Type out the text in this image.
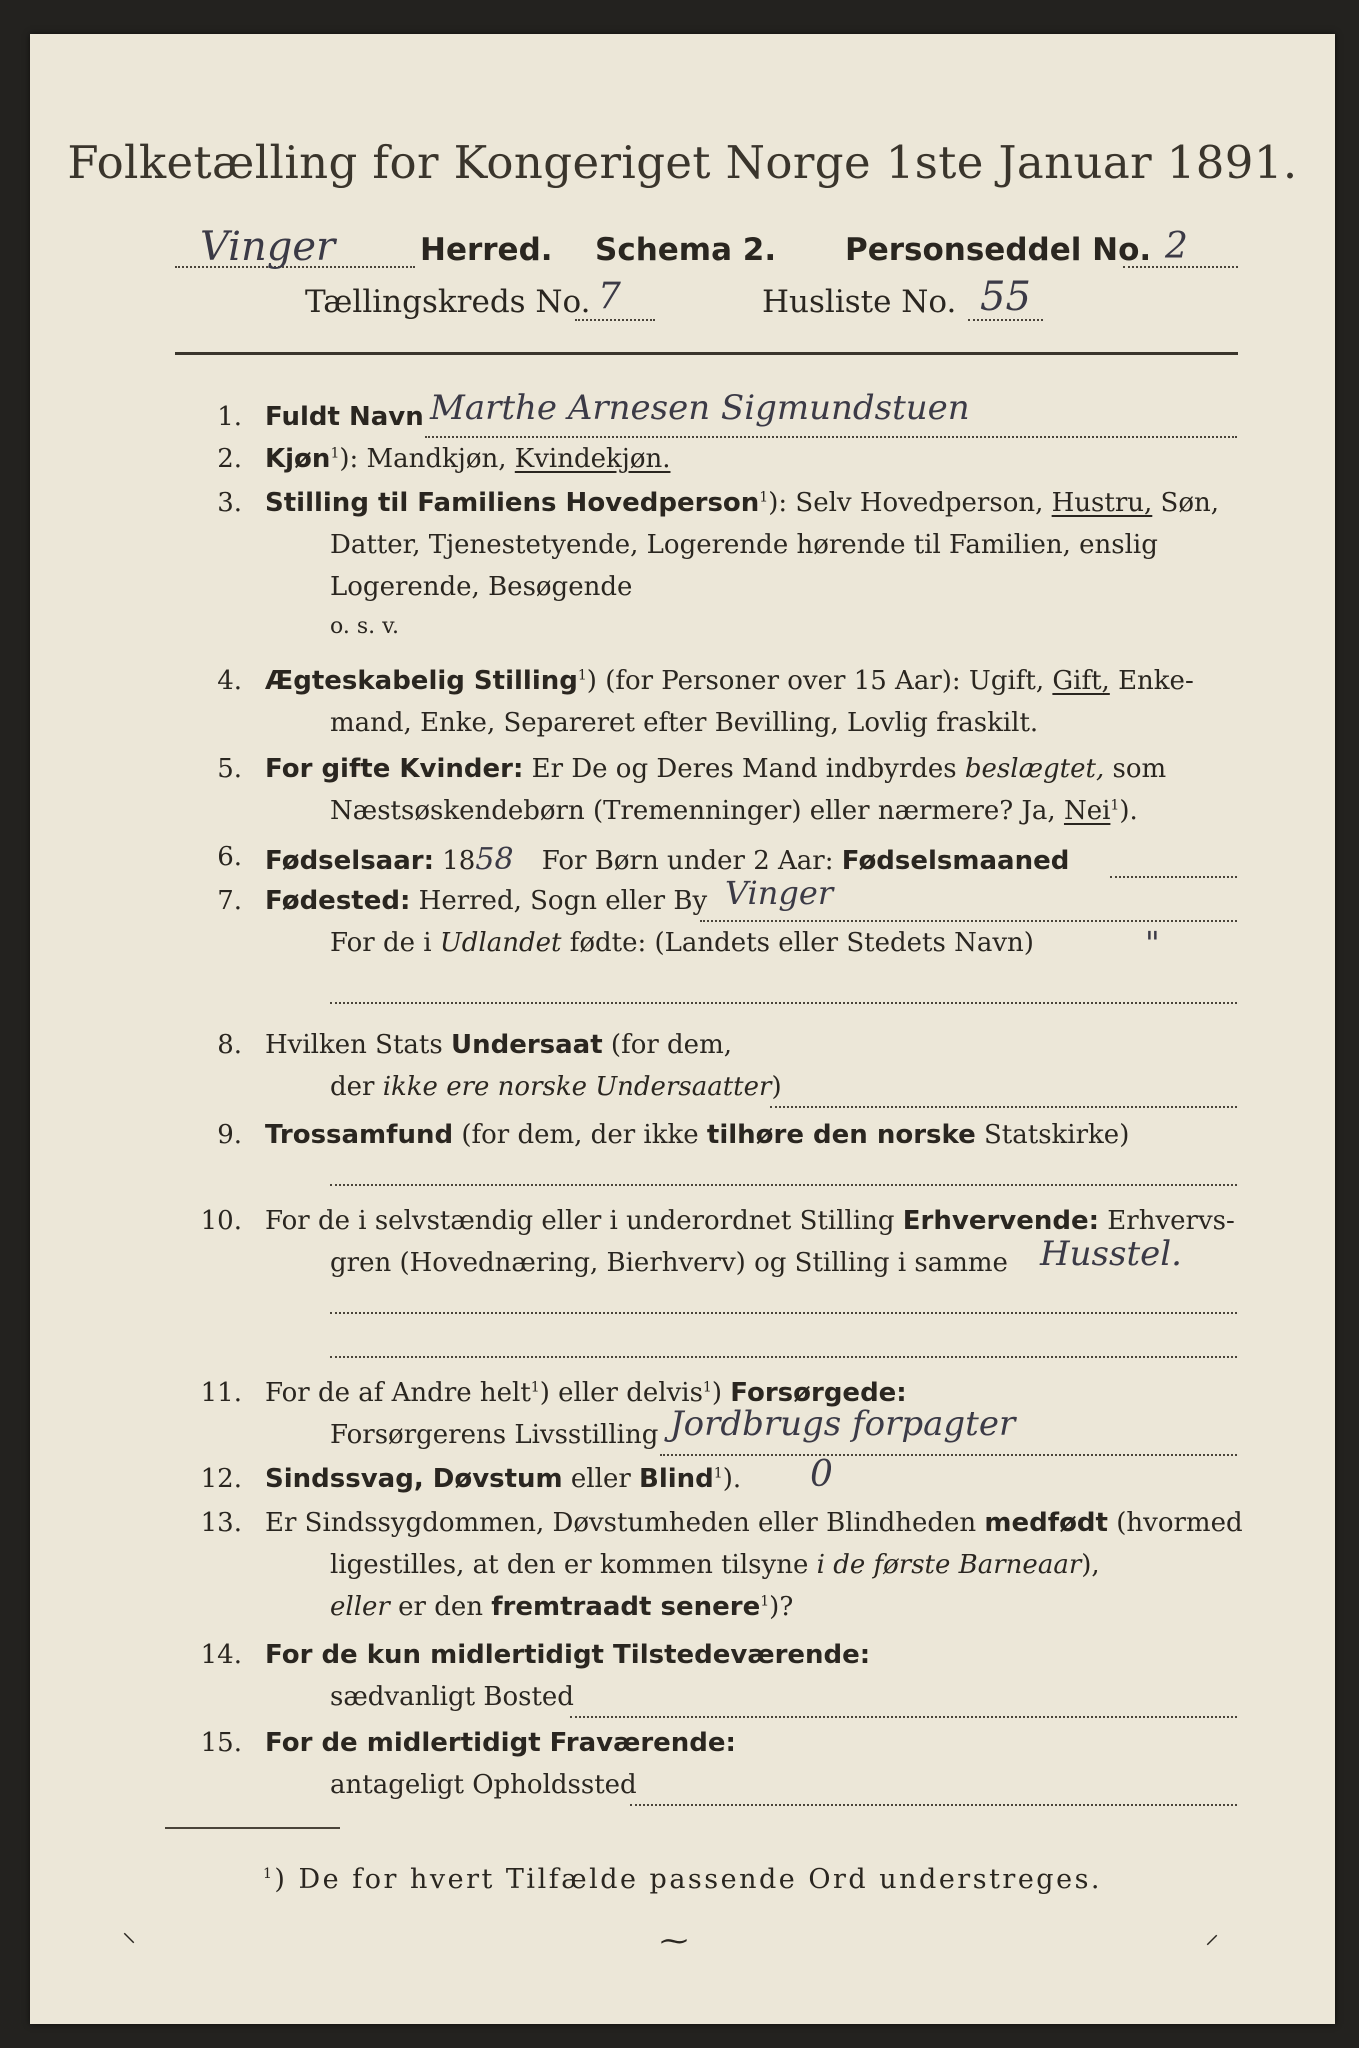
Folketælling for Kongeriget Norge 1ste Januar 1891.
Vinger	Herred. Schema 2. Personseddel No. 2
Tællingskreds No. 7	Husliste No. 55
1. Fuldt Navn Marthe Arnesen Sigmundstuen
2. Kjøn$^1$): Mandkjøn, Kvindekjøn.
3. Stilling til Familiens Hovedperson$^1$): Selv Hovedperson, Hustru, Søn,
Datter, Tjenestetyende, Logerende hørende til Familien, enslig
Logerende, Besøgende
o. s. v.
4. Ægteskabelig Stilling$^1$) (for Personer over 15 Aar): Ugift, Gift, Enke-
mand, Enke, Separeret efter Bevilling, Lovlig fraskilt.
5. For gifte Kvinder: Er De og Deres Mand indbyrdes beslægtet, som
Næstsøskendebørn (Tremenninger) eller nærmere? Ja, Nei$^1$).
6. Fødselsaar: 1858 For Børn under 2 Aar: Fødselsmaaned
7. Fødested: Herred, Sogn eller By Vinger
For de i Udlandet fødte: (Landets eller Stedets Navn)	"
8. Hvilken Stats Undersaat (for dem,
der ikke ere norske Undersaatter)
9. Trossamfund (for dem, der ikke tilhøre den norske Statskirke)
10. For de i selvstændig eller i underordnet Stilling Erhvervende: Erhvervs-
gren (Hovednæring, Bierhverv) og Stilling i samme Husstel.
11. For de af Andre helt$^1$) eller delvis$^1$) Forsørgede:
Forsørgerens Livsstilling Jordbrugs forpagter
12. Sindssvag, Døvstum eller Blind$^1$). 0
13. Er Sindssygdommen, Døvstumheden eller Blindheden medfødt (hvormed
ligestilles, at den er kommen tilsyne i de første Barneaar),
eller er den fremtraadt senere$^1$)?
14. For de kun midlertidigt Tilstedeværende:
sædvanligt Bosted
15. For de midlertidigt Fraværende:
antageligt Opholdssted
$^1$) De for hvert Tilfælde passende Ord understreges.
⸜	⁓	⸝
